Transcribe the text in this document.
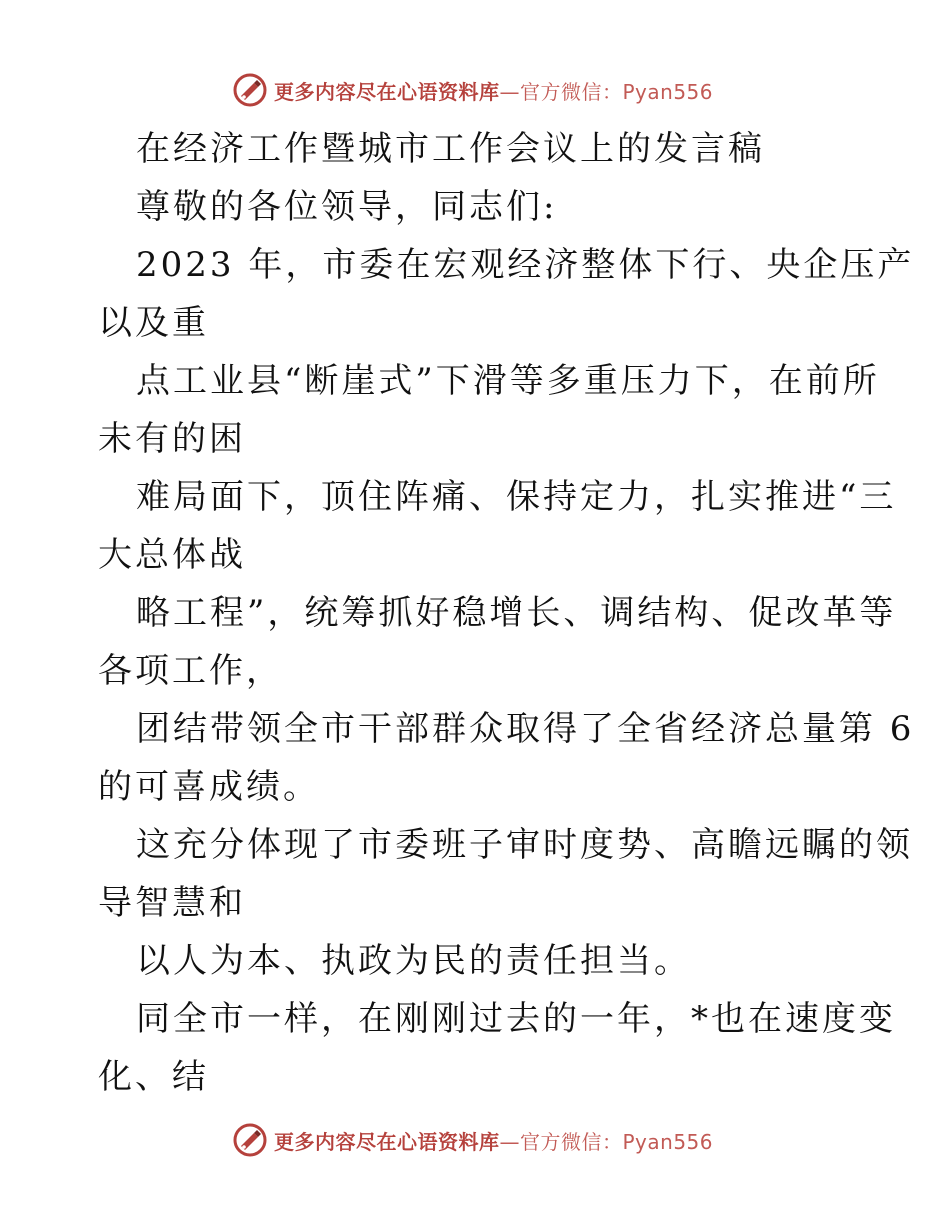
更多内容尽在心语资料库—官方微信：Pyan556
在经济工作暨城市工作会议上的发言稿
尊敬的各位领导，同志们:
2023 年，市委在宏观经济整体下行、央企压产
以及重
点工业县“断崖式”下滑等多重压力下，在前所
未有的困
难局面下，顶住阵痛、保持定力，扎实推进“三
大总体战
略工程”，统筹抓好稳增长、调结构、促改革等
各项工作，
团结带领全市干部群众取得了全省经济总量第 6
的可喜成绩。
这充分体现了市委班子审时度势、高瞻远瞩的领
导智慧和
以人为本、执政为民的责任担当。
同全市一样，在刚刚过去的一年，*也在速度变
化、结
更多内容尽在心语资料库—官方微信：Pyan556
